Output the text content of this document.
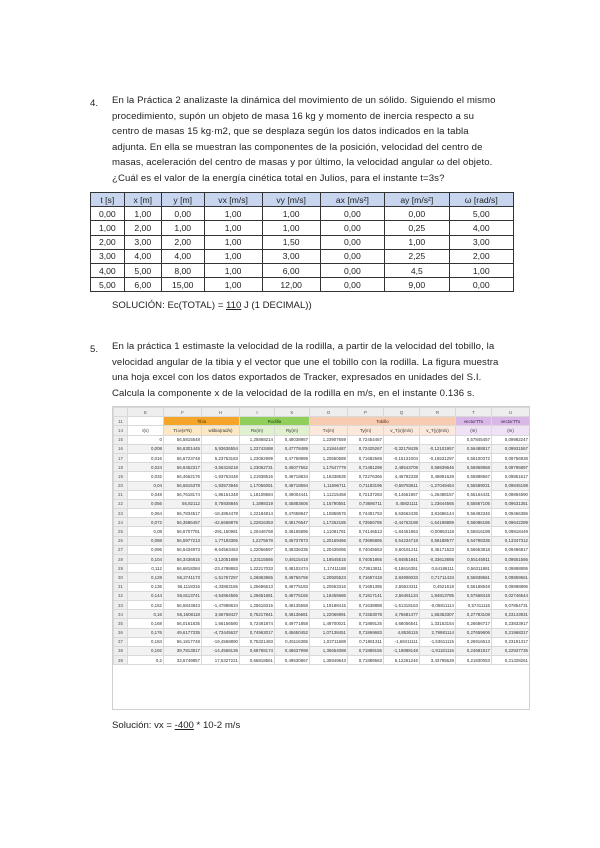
4. En la Práctica 2 analizaste la dinámica del movimiento de un sólido. Siguiendo el mismo
procedimiento, supón un objeto de masa 16 kg y momento de inercia respecto a su
centro de masas 15 kg·m2, que se desplaza según los datos indicados en la tabla
adjunta. En ella se muestran las componentes de la posición, velocidad del centro de
masas, aceleración del centro de masas y por último, la velocidad angular ω del objeto.
¿Cuál es el valor de la energía cinética total en Julios, para el instante t=3s?
t [s]	x [m]	y [m]	vx [m/s]	vy [m/s]	ax [m/s²]	ay [m/s²]	ω [rad/s]
0,00	1,00	0,00	1,00	1,00	0,00	0,00	5,00
1,00	2,00	1,00	1,00	1,00	0,00	0,25	4,00
2,00	3,00	2,00	1,00	1,50	0,00	1,00	3,00
3,00	4,00	4,00	1,00	3,00	0,00	2,25	2,00
4,00	5,00	8,00	1,00	6,00	0,00	4,5	1,00
5,00	6,00	15,00	1,00	12,00	0,00	9,00	0,00
SOLUCIÓN: Ec(TOTAL) = 110 J (1 DECIMAL))
5. En la práctica 1 estimaste la velocidad de la rodilla, a partir de la velocidad del tobillo, la
velocidad angular de la tibia y el vector que une el tobillo con la rodilla. La figura muestra
una hoja excel con los datos exportados de Tracker, expresados en unidades del S.I.
Calcula la componente x de la velocidad de la rodilla en m/s, en el instante 0.136 s.
	E	F	H	I	K	O	P	Q	R	T	U
11		Tibia		Rodilla		Tobillo				vectorTTo	vectorTTo
14	t(s)	Tt.ie(s*N)	wtibia(rad/s)	Rx(m)	Ry(m)	Tx(m)	Ty(m)	v_T(x)(m/s)	v_T(y)(m/s)	(m)	(m)
15	0	56,5815548		1,25868214	0,48038957	1,23907659	0,72454467			0,57845457	0,09982247
16	0,008	56,6301445	5,93636554	1,23743488	0,47778489	1,21844487	0,72425267	-0,32178439	-0,12101957	0,56488817	0,09931567
17	0,016	56,6723748	5,23763183	1,23062999	0,47758999	1,20560589	0,71682569	-0,15131004	-0,16531297	0,56100372	0,09756938
18	0,024	56,6452317	-3,56319218	1,23062731	0,45077562	1,17547779	0,71481298	2,48543709	0,58839646	0,55958968	0,09795897
19	0,032	56,4662176	-1,93763448	1,21938516	0,48718834	1,16338635	0,72276366	4,46782338	0,49891628	0,55888567	0,09861617
20	0,04	56,6815378	-1,93573946	1,17056051	0,48718594	1,11596711	0,71183196	-0,58783611	-1,27049464	0,55589031	0,09845198
21	0,048	56,7618174	-1,86161348	1,18108584	0,49004441	1,11215458	0,72137283	-0,14561957	-1,26488157	0,55164431	0,09894590
22	0,056	56,82112	0,75938846	1,1898319	0,45883606	1,15790551	0,73686711	0,45821111	1,23644565	0,55567105	0,09631351
23	0,064	56,7834517	-18,4854478	1,22184814	0,47658847	1,10858576	0,74481753	6,63662435	3,81686144	0,56482346	0,09466386
24	0,072	56,3586457	-42,6668878	1,22816353	0,48176647	1,17262185	0,73556785	-2,44763198	-1,64198889	0,56086185	0,09642289
25	0,08	56,6707781	-291,150981	1,20446768	0,48155895	1,11081781	0,74146513	-1,84451863	-0,00863118	0,55816198	0,09818449
26	0,088	56,5977213	1,77193365	1,2275678	0,45737873	1,20169466	0,73695865	0,54234718	0,58188577	0,54798335	0,13347312
27	0,096	56,5434973	-9,64563463	1,22066597	0,48336335	1,20435086	0,74045653	5,60161211	0,45171523	0,56653818	0,09496817
28	0,104	56,3436815	-3,12051889	1,23115565	0,48115418	1,18545515	0,74051865	-0,84851841	-0,33613655	0,55145811	0,09551566
29	0,112	56,6818384	-23,4788883	1,22217033	0,48102474	1,17411188	0,73613811	-0,18616351	0,64186111	0,56311881	0,09888895
30	0,128	56,2741173	-1,51757297	1,26863965	0,48756759	1,20925523	0,71697418	2,84906033	0,71711434	0,55938661	0,09859561
31	0,136	56,1118316	-4,33863165	1,25696613	0,48775183	1,20563316	0,71691385	2,55624311	0,4521618	0,56188548	0,09888896
32	0,144	56,8113741	-4,54864566	1,25651681	0,48775165	1,18455686	0,71817141	2,56481134	1,84813785	0,57568418	0,02746544
33	0,152	56,5843843	-1,47888634	1,25618316	0,48135558	1,19188415	0,71638888	-1,51318163	-0,06811114	0,57411116	0,07854731
34	0,16	56,1608118	3,66768427	0,75217841	0,48136681	1,22066991	0,71553078	4,75681477	1,56353307	0,27783108	0,23143931
35	0,168	56,0161835	1,66156580	0,72491874	0,49771858	1,49700021	0,71889125	4,68056541	1,33163154	0,26686717	0,23833917
36	0,176	49,6177335	-4,73445637	0,74963017	0,45650452	1,07138451	0,71869683	4,8536115	2,79981114	0,27659606	0,21968317
37	0,184	56,1817748	-19,4568890	0,75321483	0,45116385	1,02711688	0,71881311	-1,68411111	-1,53611115	0,26916613	0,23191317
38	0,192	39,7813817	-14,4568136	0,68768174	0,48637998	1,35654088	0,71889155	-1,18888148	-1,91181116	0,24681917	0,22937735
39	0,2	33,6749857	17,5327221	0,66818561	0,49530867	1,35949643	0,71889563	6,12261246	3,43795628	0,21830053	0,21328261
Solución: vx = -400 * 10-2 m/s
